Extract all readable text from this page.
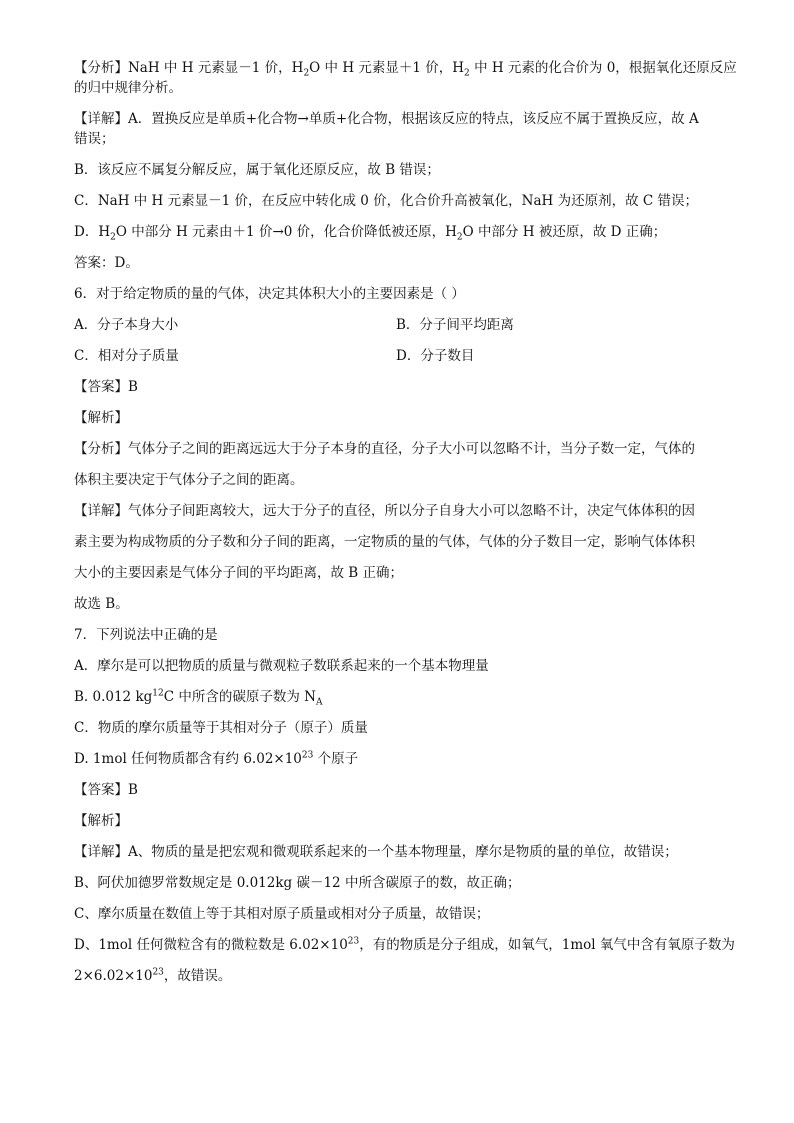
【分析】NaH 中 H 元素显－1 价，$H_2O$ 中 H 元素显＋1 价，$H_2$ 中 H 元素的化合价为 0，根据氧化还原反应
的归中规律分析。
【详解】A．置换反应是单质+化合物→单质+化合物，根据该反应的特点，该反应不属于置换反应，故 A
错误；
B．该反应不属复分解反应，属于氧化还原反应，故 B 错误；
C．NaH 中 H 元素显－1 价，在反应中转化成 0 价，化合价升高被氧化，NaH 为还原剂，故 C 错误；
D．$H_2O$ 中部分 H 元素由＋1 价→0 价，化合价降低被还原，$H_2O$ 中部分 H 被还原，故 D 正确；
答案：D。
6．对于给定物质的量的气体，决定其体积大小的主要因素是（ ）
A．分子本身大小	B．分子间平均距离
C．相对分子质量	D．分子数目
【答案】B
【解析】
【分析】气体分子之间的距离远远大于分子本身的直径，分子大小可以忽略不计，当分子数一定，气体的
体积主要决定于气体分子之间的距离。
【详解】气体分子间距离较大，远大于分子的直径，所以分子自身大小可以忽略不计，决定气体体积的因
素主要为构成物质的分子数和分子间的距离，一定物质的量的气体，气体的分子数目一定，影响气体体积
大小的主要因素是气体分子间的平均距离，故 B 正确；
故选 B。
7．下列说法中正确的是
A．摩尔是可以把物质的质量与微观粒子数联系起来的一个基本物理量
B. 0.012 $kg^{12}C$ 中所含的碳原子数为 $N_A$
C．物质的摩尔质量等于其相对分子（原子）质量
D. 1mol 任何物质都含有约 $6.02\times 10^{23}$ 个原子
【答案】B
【解析】
【详解】A、物质的量是把宏观和微观联系起来的一个基本物理量，摩尔是物质的量的单位，故错误；
B、阿伏加德罗常数规定是 0.012kg 碳－12 中所含碳原子的数，故正确；
C、摩尔质量在数值上等于其相对原子质量或相对分子质量，故错误；
D、1mol 任何微粒含有的微粒数是 $6.02\times 10^{23}$，有的物质是分子组成，如氧气，1mol 氧气中含有氧原子数为
$2\times 6.02\times 10^{23}$，故错误。
